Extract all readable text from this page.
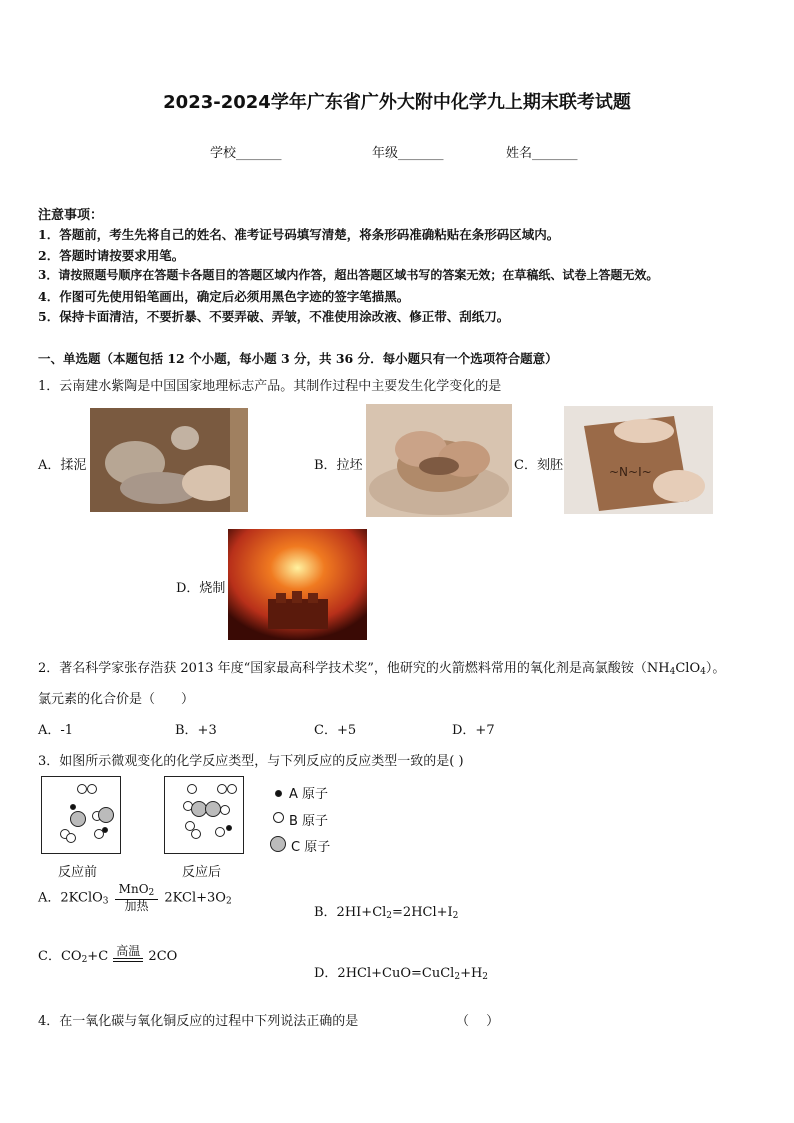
2023-2024学年广东省广外大附中化学九上期末联考试题
学校_______	年级_______	姓名_______
注意事项：
1．答题前，考生先将自己的姓名、准考证号码填写清楚，将条形码准确粘贴在条形码区域内。
2．答题时请按要求用笔。
3．请按照题号顺序在答题卡各题目的答题区域内作答，超出答题区域书写的答案无效；在草稿纸、试卷上答题无效。
4．作图可先使用铅笔画出，确定后必须用黑色字迹的签字笔描黑。
5．保持卡面清洁，不要折暴、不要弄破、弄皱，不准使用涂改液、修正带、刮纸刀。
一、单选题（本题包括 12 个小题，每小题 3 分，共 36 分．每小题只有一个选项符合题意）
1．云南建水紫陶是中国国家地理标志产品。其制作过程中主要发生化学变化的是
A．揉泥	B．拉坯	C．刻胚	~N~I~
D．烧制
2．著名科学家张存浩获 2013 年度“国家最高科学技术奖”，他研究的火箭燃料常用的氧化剂是高氯酸铵$(NH_4ClO_4)$。
氯元素的化合价是（　　）
A．-1	B．+3	C．+5	D．+7
3．如图所示微观变化的化学反应类型，与下列反应的反应类型一致的是( )
反应前	反应后
A 原子
B 原子
C 原子
A．2KClO$_3$ $\frac{MnO_2}{\text{加热}} 2KCl+3O_2$
B．$2HI+Cl_2=2HCl+I_2$
C．$CO_2+C$ 高温 2CO
D．$2HCl+CuO=CuCl_2+H_2$
4．在一氧化碳与氧化铜反应的过程中下列说法正确的是	（　 ）
